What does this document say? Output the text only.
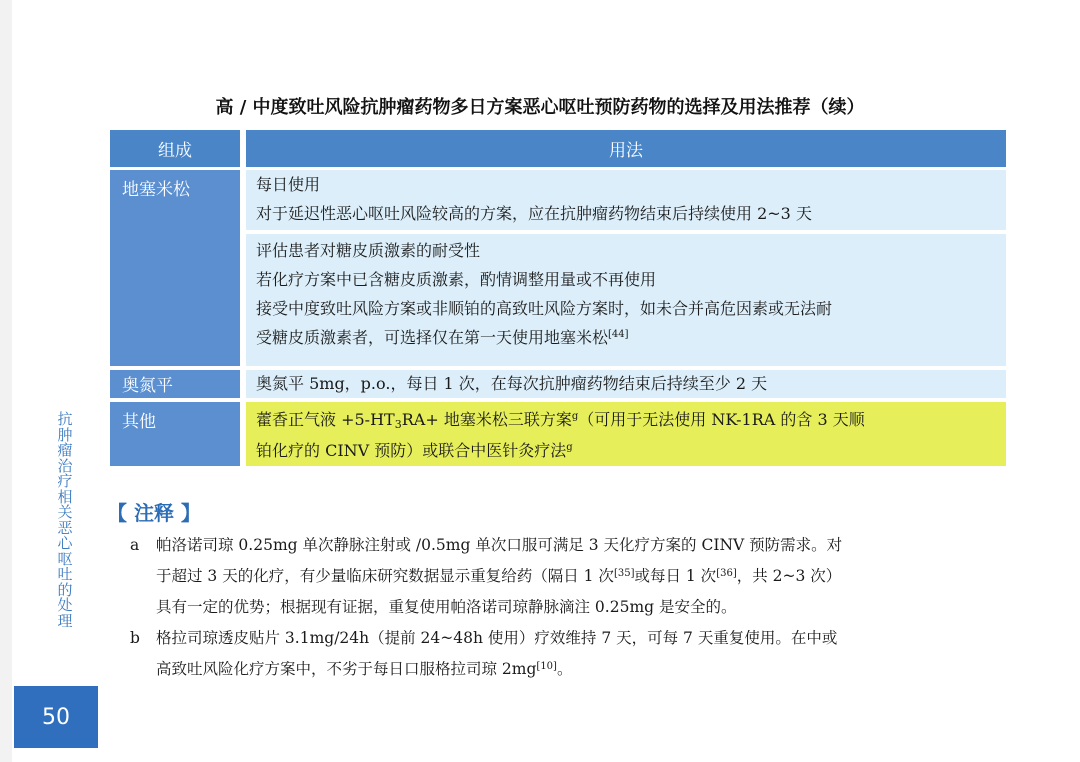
高 / 中度致吐风险抗肿瘤药物多日方案恶心呕吐预防药物的选择及用法推荐（续）
组成	用法
地塞米松	每日使用
对于延迟性恶心呕吐风险较高的方案，应在抗肿瘤药物结束后持续使用 2~3 天
评估患者对糖皮质激素的耐受性
若化疗方案中已含糖皮质激素，酌情调整用量或不再使用
接受中度致吐风险方案或非顺铂的高致吐风险方案时，如未合并高危因素或无法耐
受糖皮质激素者，可选择仅在第一天使用地塞米松[44]
奥氮平	奥氮平 5mg，p.o.，每日 1 次，在每次抗肿瘤药物结束后持续至少 2 天
其他	藿香正气液 +5-HT3RA+ 地塞米松三联方案$^g$（可用于无法使用 NK-1RA 的含 3 天顺
铂化疗的 CINV 预防）或联合中医针灸疗法$^g$
抗肿瘤治疗相关恶心呕吐的处理
50
【 注释 】
a 帕洛诺司琼 0.25mg 单次静脉注射或 /0.5mg 单次口服可满足 3 天化疗方案的 CINV 预防需求。对
于超过 3 天的化疗，有少量临床研究数据显示重复给药（隔日 1 次[35]或每日 1 次[36]，共 2~3 次）
具有一定的优势；根据现有证据，重复使用帕洛诺司琼静脉滴注 0.25mg 是安全的。
b 格拉司琼透皮贴片 3.1mg/24h（提前 24~48h 使用）疗效维持 7 天，可每 7 天重复使用。在中或
高致吐风险化疗方案中，不劣于每日口服格拉司琼 2mg[10]。
